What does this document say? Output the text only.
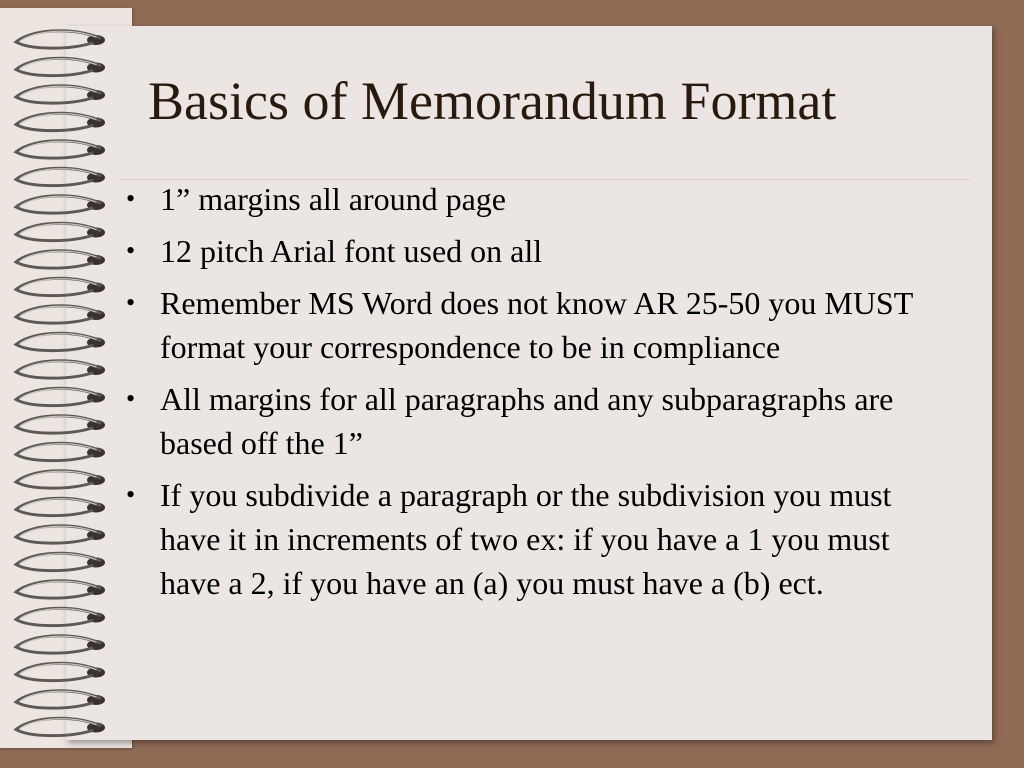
Basics of Memorandum Format
• 1” margins all around page
• 12 pitch Arial font used on all
• Remember MS Word does not know AR 25-50 you MUST format your correspondence to be in compliance
• All margins for all paragraphs and any subparagraphs are based off the 1”
• If you subdivide a paragraph or the subdivision you must have it in increments of two ex: if you have a 1 you must have a 2, if you have an (a) you must have a (b) ect.
